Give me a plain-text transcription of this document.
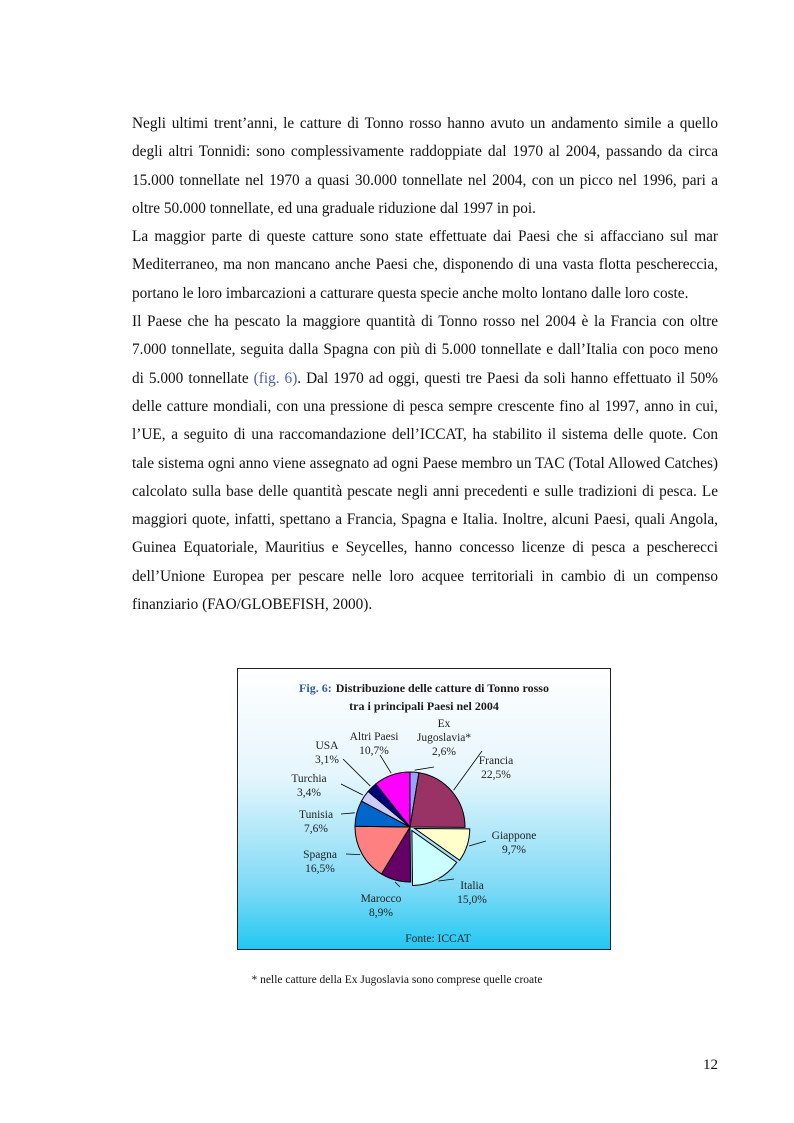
Negli ultimi trent’anni, le catture di Tonno rosso hanno avuto un andamento simile a quello degli altri Tonnidi: sono complessivamente raddoppiate dal 1970 al 2004, passando da circa 15.000 tonnellate nel 1970 a quasi 30.000 tonnellate nel 2004, con un picco nel 1996, pari a oltre 50.000 tonnellate, ed una graduale riduzione dal 1997 in poi.

La maggior parte di queste catture sono state effettuate dai Paesi che si affacciano sul mar Mediterraneo, ma non mancano anche Paesi che, disponendo di una vasta flotta peschereccia, portano le loro imbarcazioni a catturare questa specie anche molto lontano dalle loro coste.

Il Paese che ha pescato la maggiore quantità di Tonno rosso nel 2004 è la Francia con oltre 7.000 tonnellate, seguita dalla Spagna con più di 5.000 tonnellate e dall’Italia con poco meno di 5.000 tonnellate (fig. 6). Dal 1970 ad oggi, questi tre Paesi da soli hanno effettuato il 50% delle catture mondiali, con una pressione di pesca sempre crescente fino al 1997, anno in cui, l’UE, a seguito di una raccomandazione dell’ICCAT, ha stabilito il sistema delle quote. Con tale sistema ogni anno viene assegnato ad ogni Paese membro un TAC (Total Allowed Catches) calcolato sulla base delle quantità pescate negli anni precedenti e sulle tradizioni di pesca. Le maggiori quote, infatti, spettano a Francia, Spagna e Italia. Inoltre, alcuni Paesi, quali Angola, Guinea Equatoriale, Mauritius e Seycelles, hanno concesso licenze di pesca a pescherecci dell’Unione Europea per pescare nelle loro acquee territoriali in cambio di un compenso finanziario (FAO/GLOBEFISH, 2000).

Fig. 6: Distribuzione delle catture di Tonno rosso
tra i principali Paesi nel 2004
Ex Jugoslavia* 2,6%
Francia 22,5%
Giappone 9,7%
Italia 15,0%
Marocco 8,9%
Spagna 16,5%
Tunisia 7,6%
Turchia 3,4%
USA 3,1%
Altri Paesi 10,7%
Fonte: ICCAT

* nelle catture della Ex Jugoslavia sono comprese quelle croate

12
